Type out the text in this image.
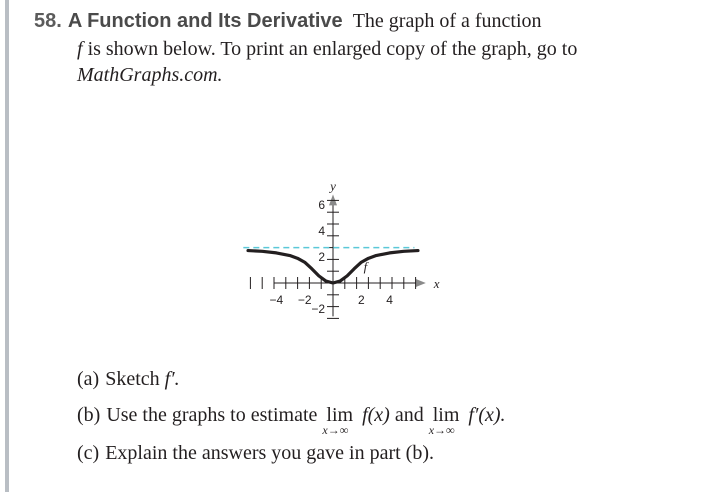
58. A Function and Its Derivative The graph of a function
f is shown below. To print an enlarged copy of the graph, go to
MathGraphs.com.
−4 −2	2 4
6
4
2
−2
x
y
f
(a) Sketch f′.
(b) Use the graphs to estimate lim
x→∞
f(x) and lim
x→∞
f′(x).
(c) Explain the answers you gave in part (b).
